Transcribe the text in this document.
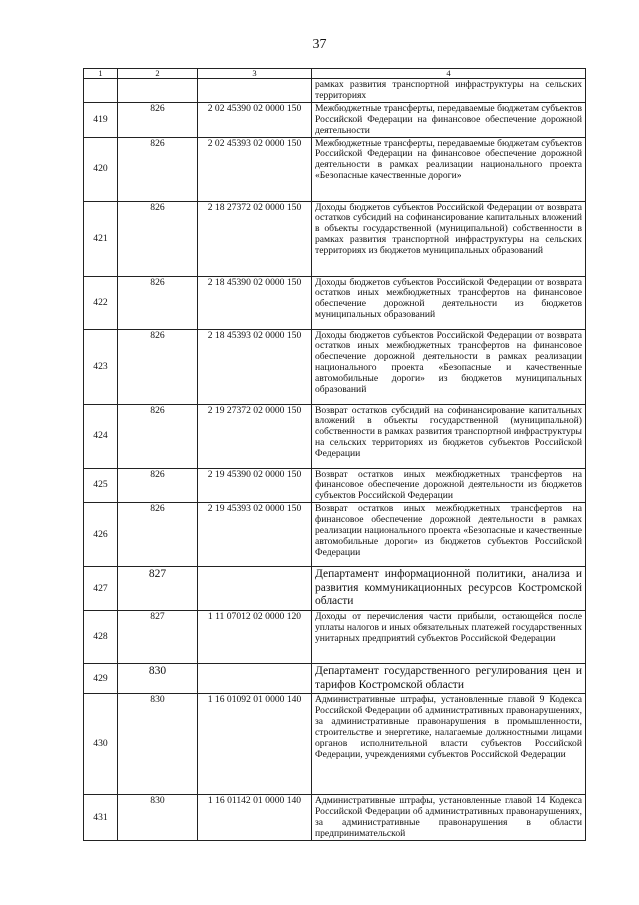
37
1	2	3	4
			рамках развития транспортной инфраструктуры на сельских территориях
419	826	2 02 45390 02 0000 150	Межбюджетные трансферты, передаваемые бюджетам субъектов Российской Федерации на финансовое обеспечение дорожной деятельности
420	826	2 02 45393 02 0000 150	Межбюджетные трансферты, передаваемые бюджетам субъектов Российской Федерации на финансовое обеспечение дорожной деятельности в рамках реализации национального проекта «Безопасные качественные дороги»
421	826	2 18 27372 02 0000 150	Доходы бюджетов субъектов Российской Федерации от возврата остатков субсидий на софинансирование капитальных вложений в объекты государственной (муниципальной) собственности в рамках развития транспортной инфраструктуры на сельских территориях из бюджетов муниципальных образований
422	826	2 18 45390 02 0000 150	Доходы бюджетов субъектов Российской Федерации от возврата остатков иных межбюджетных трансфертов на финансовое обеспечение дорожной деятельности из бюджетов муниципальных образований
423	826	2 18 45393 02 0000 150	Доходы бюджетов субъектов Российской Федерации от возврата остатков иных межбюджетных трансфертов на финансовое обеспечение дорожной деятельности в рамках реализации национального проекта «Безопасные и качественные автомобильные дороги» из бюджетов муниципальных образований
424	826	2 19 27372 02 0000 150	Возврат остатков субсидий на софинансирование капитальных вложений в объекты государственной (муниципальной) собственности в рамках развития транспортной инфраструктуры на сельских территориях из бюджетов субъектов Российской Федерации
425	826	2 19 45390 02 0000 150	Возврат остатков иных межбюджетных трансфертов на финансовое обеспечение дорожной деятельности из бюджетов субъектов Российской Федерации
426	826	2 19 45393 02 0000 150	Возврат остатков иных межбюджетных трансфертов на финансовое обеспечение дорожной деятельности в рамках реализации национального проекта «Безопасные и качественные автомобильные дороги» из бюджетов субъектов Российской Федерации
427	827		Департамент информационной политики, анализа и развития коммуникационных ресурсов Костромской области
428	827	1 11 07012 02 0000 120	Доходы от перечисления части прибыли, остающейся после уплаты налогов и иных обязательных платежей государственных унитарных предприятий субъектов Российской Федерации
429	830		Департамент государственного регулирования цен и тарифов Костромской области
430	830	1 16 01092 01 0000 140	Административные штрафы, установленные главой 9 Кодекса Российской Федерации об административных правонарушениях, за административные правонарушения в промышленности, строительстве и энергетике, налагаемые должностными лицами органов исполнительной власти субъектов Российской Федерации, учреждениями субъектов Российской Федерации
431	830	1 16 01142 01 0000 140	Административные штрафы, установленные главой 14 Кодекса Российской Федерации об административных правонарушениях, за административные правонарушения в области предпринимательской
